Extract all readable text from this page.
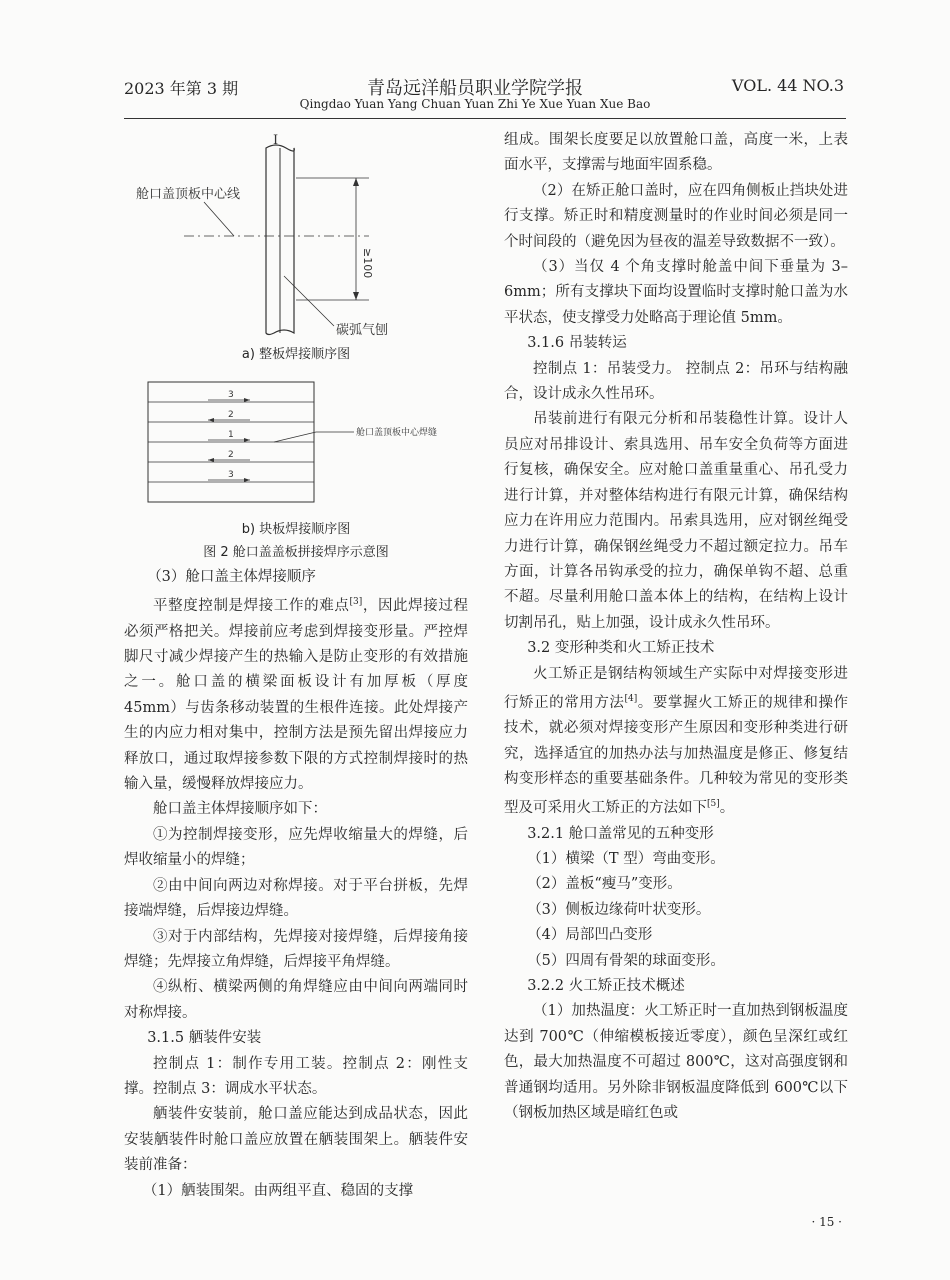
2023 年第 3 期	青岛远洋船员职业学院学报
Qingdao Yuan Yang Chuan Yuan Zhi Ye Xue Yuan Xue Bao
VOL. 44 NO.3
I
≥100
舱口盖顶板中心线
碳弧气刨
a) 整板焊接顺序图
3
2
1
2
3
舱口盖顶板中心焊缝
b) 块板焊接顺序图
图 2 舱口盖盖板拼接焊序示意图

（3）舱口盖主体焊接顺序

平整度控制是焊接工作的难点[3]，因此焊接过程必须严格把关。焊接前应考虑到焊接变形量。严控焊脚尺寸减少焊接产生的热输入是防止变形的有效措施之一。舱口盖的横梁面板设计有加厚板（厚度 45mm）与齿条移动装置的生根件连接。此处焊接产生的内应力相对集中，控制方法是预先留出焊接应力释放口，通过取焊接参数下限的方式控制焊接时的热输入量，缓慢释放焊接应力。

舱口盖主体焊接顺序如下：

①为控制焊接变形，应先焊收缩量大的焊缝，后焊收缩量小的焊缝；

②由中间向两边对称焊接。对于平台拼板，先焊接端焊缝，后焊接边焊缝。

③对于内部结构，先焊接对接焊缝，后焊接角接焊缝；先焊接立角焊缝，后焊接平角焊缝。

④纵桁、横梁两侧的角焊缝应由中间向两端同时对称焊接。

3.1.5 舾装件安装

控制点 1：制作专用工装。控制点 2：刚性支撑。控制点 3：调成水平状态。

舾装件安装前，舱口盖应能达到成品状态，因此安装舾装件时舱口盖应放置在舾装围架上。舾装件安装前准备：

（1）舾装围架。由两组平直、稳固的支撑

组成。围架长度要足以放置舱口盖，高度一米，上表面水平，支撑需与地面牢固系稳。

（2）在矫正舱口盖时，应在四角侧板止挡块处进行支撑。矫正时和精度测量时的作业时间必须是同一个时间段的（避免因为昼夜的温差导致数据不一致）。

（3）当仅 4 个角支撑时舱盖中间下垂量为 3–6mm；所有支撑块下面均设置临时支撑时舱口盖为水平状态，使支撑受力处略高于理论值 5mm。

3.1.6 吊装转运

控制点 1：吊装受力。 控制点 2：吊环与结构融合，设计成永久性吊环。

吊装前进行有限元分析和吊装稳性计算。设计人员应对吊排设计、索具选用、吊车安全负荷等方面进行复核，确保安全。应对舱口盖重量重心、吊孔受力进行计算，并对整体结构进行有限元计算，确保结构应力在许用应力范围内。吊索具选用，应对钢丝绳受力进行计算，确保钢丝绳受力不超过额定拉力。吊车方面，计算各吊钩承受的拉力，确保单钩不超、总重不超。尽量利用舱口盖本体上的结构，在结构上设计切割吊孔，贴上加强，设计成永久性吊环。

3.2 变形种类和火工矫正技术

火工矫正是钢结构领域生产实际中对焊接变形进行矫正的常用方法[4]。要掌握火工矫正的规律和操作技术，就必须对焊接变形产生原因和变形种类进行研究，选择适宜的加热办法与加热温度是修正、修复结构变形样态的重要基础条件。几种较为常见的变形类型及可采用火工矫正的方法如下[5]。

3.2.1 舱口盖常见的五种变形

（1）横梁（T 型）弯曲变形。

（2）盖板“瘦马”变形。

（3）侧板边缘荷叶状变形。

（4）局部凹凸变形

（5）四周有骨架的球面变形。

3.2.2 火工矫正技术概述

（1）加热温度：火工矫正时一直加热到钢板温度达到 700℃（伸缩模板接近零度），颜色呈深红或红色，最大加热温度不可超过 800℃，这对高强度钢和普通钢均适用。另外除非钢板温度降低到 600℃以下（钢板加热区域是暗红色或

· 15 ·
